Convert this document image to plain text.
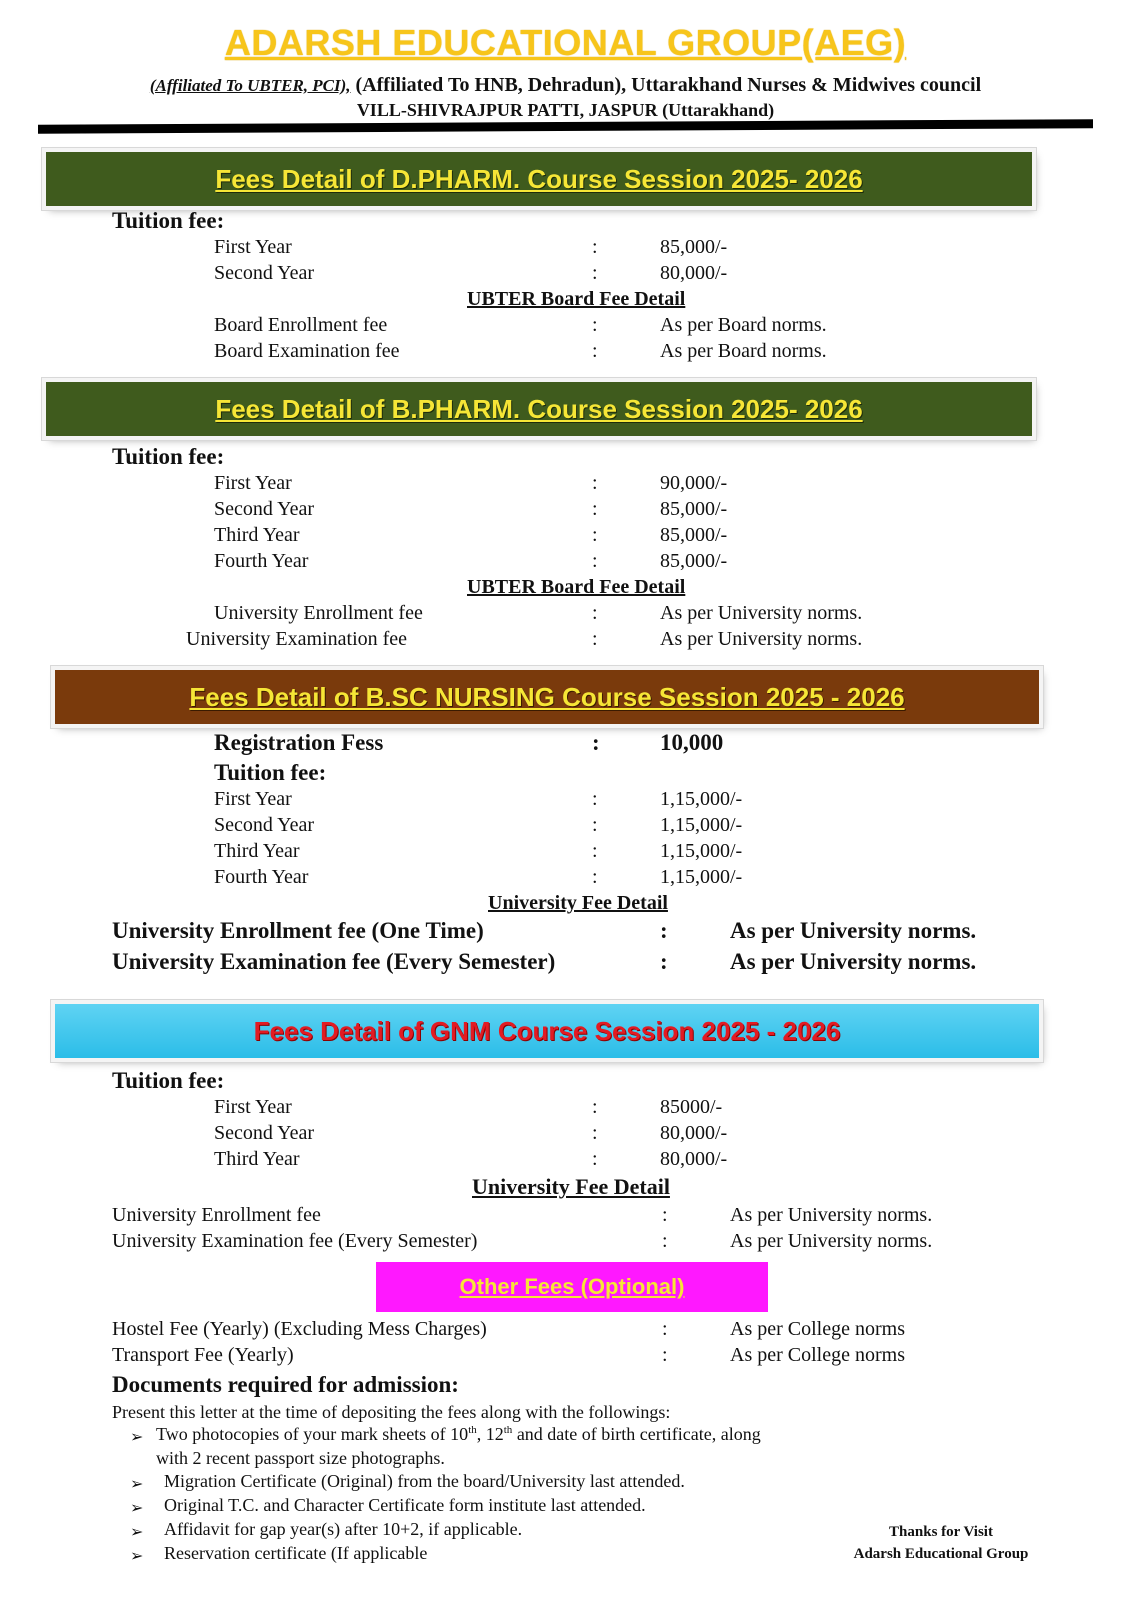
ADARSH EDUCATIONAL GROUP(AEG)
(Affiliated To UBTER, PCI), (Affiliated To HNB, Dehradun), Uttarakhand Nurses & Midwives council
VILL-SHIVRAJPUR PATTI, JASPUR (Uttarakhand)
Fees Detail of D.PHARM. Course Session 2025- 2026
Tuition fee:
First Year	:	85,000/-
Second Year	:	80,000/-
UBTER Board Fee Detail
Board Enrollment fee	:	As per Board norms.
Board Examination fee	:	As per Board norms.
Fees Detail of B.PHARM. Course Session 2025- 2026
Tuition fee:
First Year	:	90,000/-
Second Year	:	85,000/-
Third Year	:	85,000/-
Fourth Year	:	85,000/-
UBTER Board Fee Detail
University Enrollment fee	:	As per University norms.
University Examination fee	:	As per University norms.
Fees Detail of B.SC NURSING Course Session 2025 - 2026
Registration Fess	:	10,000
Tuition fee:
First Year	:	1,15,000/-
Second Year	:	1,15,000/-
Third Year	:	1,15,000/-
Fourth Year	:	1,15,000/-
University Fee Detail
University Enrollment fee (One Time)	:	As per University norms.
University Examination fee (Every Semester)	:	As per University norms.
Fees Detail of GNM Course Session 2025 - 2026
Tuition fee:
First Year	:	85000/-
Second Year	:	80,000/-
Third Year	:	80,000/-
University Fee Detail
University Enrollment fee	:	As per University norms.
University Examination fee (Every Semester)	:	As per University norms.
Other Fees (Optional)
Hostel Fee (Yearly) (Excluding Mess Charges)	:	As per College norms
Transport Fee (Yearly)	:	As per College norms
Documents required for admission:
Present this letter at the time of depositing the fees along with the followings:
➢ Two photocopies of your mark sheets of 10th, 12th and date of birth certificate, along
with 2 recent passport size photographs.
➢ Migration Certificate (Original) from the board/University last attended.
➢ Original T.C. and Character Certificate form institute last attended.
➢ Affidavit for gap year(s) after 10+2, if applicable.
➢ Reservation certificate (If applicable
Thanks for Visit
Adarsh Educational Group
